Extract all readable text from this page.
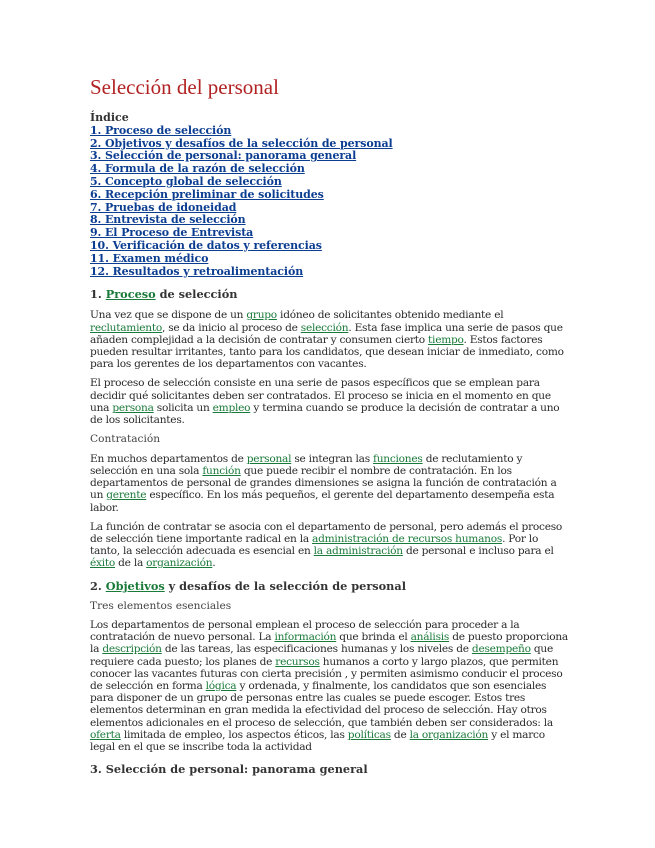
Selección del personal
Índice
1. Proceso de selección
2. Objetivos y desafíos de la selección de personal
3. Selección de personal: panorama general
4. Formula de la razón de selección
5. Concepto global de selección
6. Recepción preliminar de solicitudes
7. Pruebas de idoneidad
8. Entrevista de selección
9. El Proceso de Entrevista
10. Verificación de datos y referencias
11. Examen médico
12. Resultados y retroalimentación
1. Proceso de selección

Una vez que se dispone de un grupo idóneo de solicitantes obtenido mediante el reclutamiento, se da inicio al proceso de selección. Esta fase implica una serie de pasos que añaden complejidad a la decisión de contratar y consumen cierto tiempo. Estos factores pueden resultar irritantes, tanto para los candidatos, que desean iniciar de inmediato, como para los gerentes de los departamentos con vacantes.

El proceso de selección consiste en una serie de pasos específicos que se emplean para decidir qué solicitantes deben ser contratados. El proceso se inicia en el momento en que una persona solicita un empleo y termina cuando se produce la decisión de contratar a uno de los solicitantes.

Contratación

En muchos departamentos de personal se integran las funciones de reclutamiento y selección en una sola función que puede recibir el nombre de contratación. En los departamentos de personal de grandes dimensiones se asigna la función de contratación a un gerente específico. En los más pequeños, el gerente del departamento desempeña esta labor.

La función de contratar se asocia con el departamento de personal, pero además el proceso de selección tiene importante radical en la administración de recursos humanos. Por lo tanto, la selección adecuada es esencial en la administración de personal e incluso para el éxito de la organización.

2. Objetivos y desafíos de la selección de personal
Tres elementos esenciales

Los departamentos de personal emplean el proceso de selección para proceder a la contratación de nuevo personal. La información que brinda el análisis de puesto proporciona la descripción de las tareas, las especificaciones humanas y los niveles de desempeño que requiere cada puesto; los planes de recursos humanos a corto y largo plazos, que permiten conocer las vacantes futuras con cierta precisión , y permiten asimismo conducir el proceso de selección en forma lógica y ordenada, y finalmente, los candidatos que son esenciales para disponer de un grupo de personas entre las cuales se puede escoger. Estos tres elementos determinan en gran medida la efectividad del proceso de selección. Hay otros elementos adicionales en el proceso de selección, que también deben ser considerados: la oferta limitada de empleo, los aspectos éticos, las políticas de la organización y el marco legal en el que se inscribe toda la actividad

3. Selección de personal: panorama general
